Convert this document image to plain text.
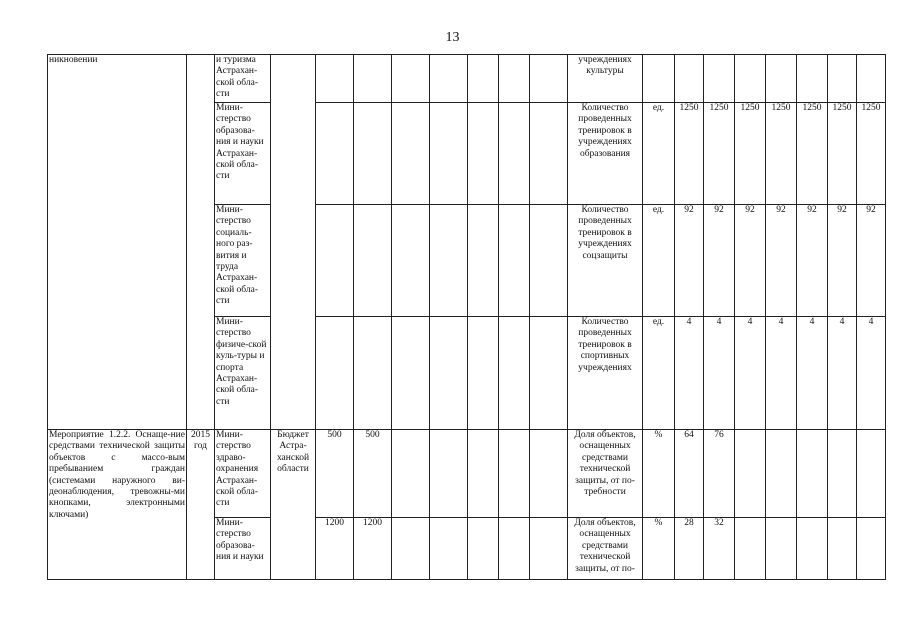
13
никновении		и туризма Астрахан-ской обла-сти									учреждениях культуры								
		Мини-стерство образова-ния и науки Астрахан-ской обла-сти									Количество проведенных тренировок в учреждениях образования	ед.	1250	1250	1250	1250	1250	1250	1250
		Мини-стерство социаль-ного раз-вития и труда Астрахан-ской обла-сти									Количество проведенных тренировок в учреждениях соцзащиты	ед.	92	92	92	92	92	92	92
		Мини-стерство физиче-ской куль-туры и спорта Астрахан-ской обла-сти									Количество проведенных тренировок в спортивных учреждениях	ед.	4	4	4	4	4	4	4
Мероприятие 1.2.2. Оснаще-ние средствами технической защиты объектов с массо-вым пребыванием граждан (системами наружного ви-деонаблюдения, тревожны-ми кнопками, электронными ключами)	2015 год	Мини-стерство здраво-охранения Астрахан-ской обла-сти	Бюджет Астра-ханской области	500	500						Доля объектов, оснащенных средствами технической защиты, от по-требности	%	64	76					
		Мини-стерство образова-ния и науки		1200	1200						Доля объектов, оснащенных средствами технической защиты, от по-	%	28	32					
